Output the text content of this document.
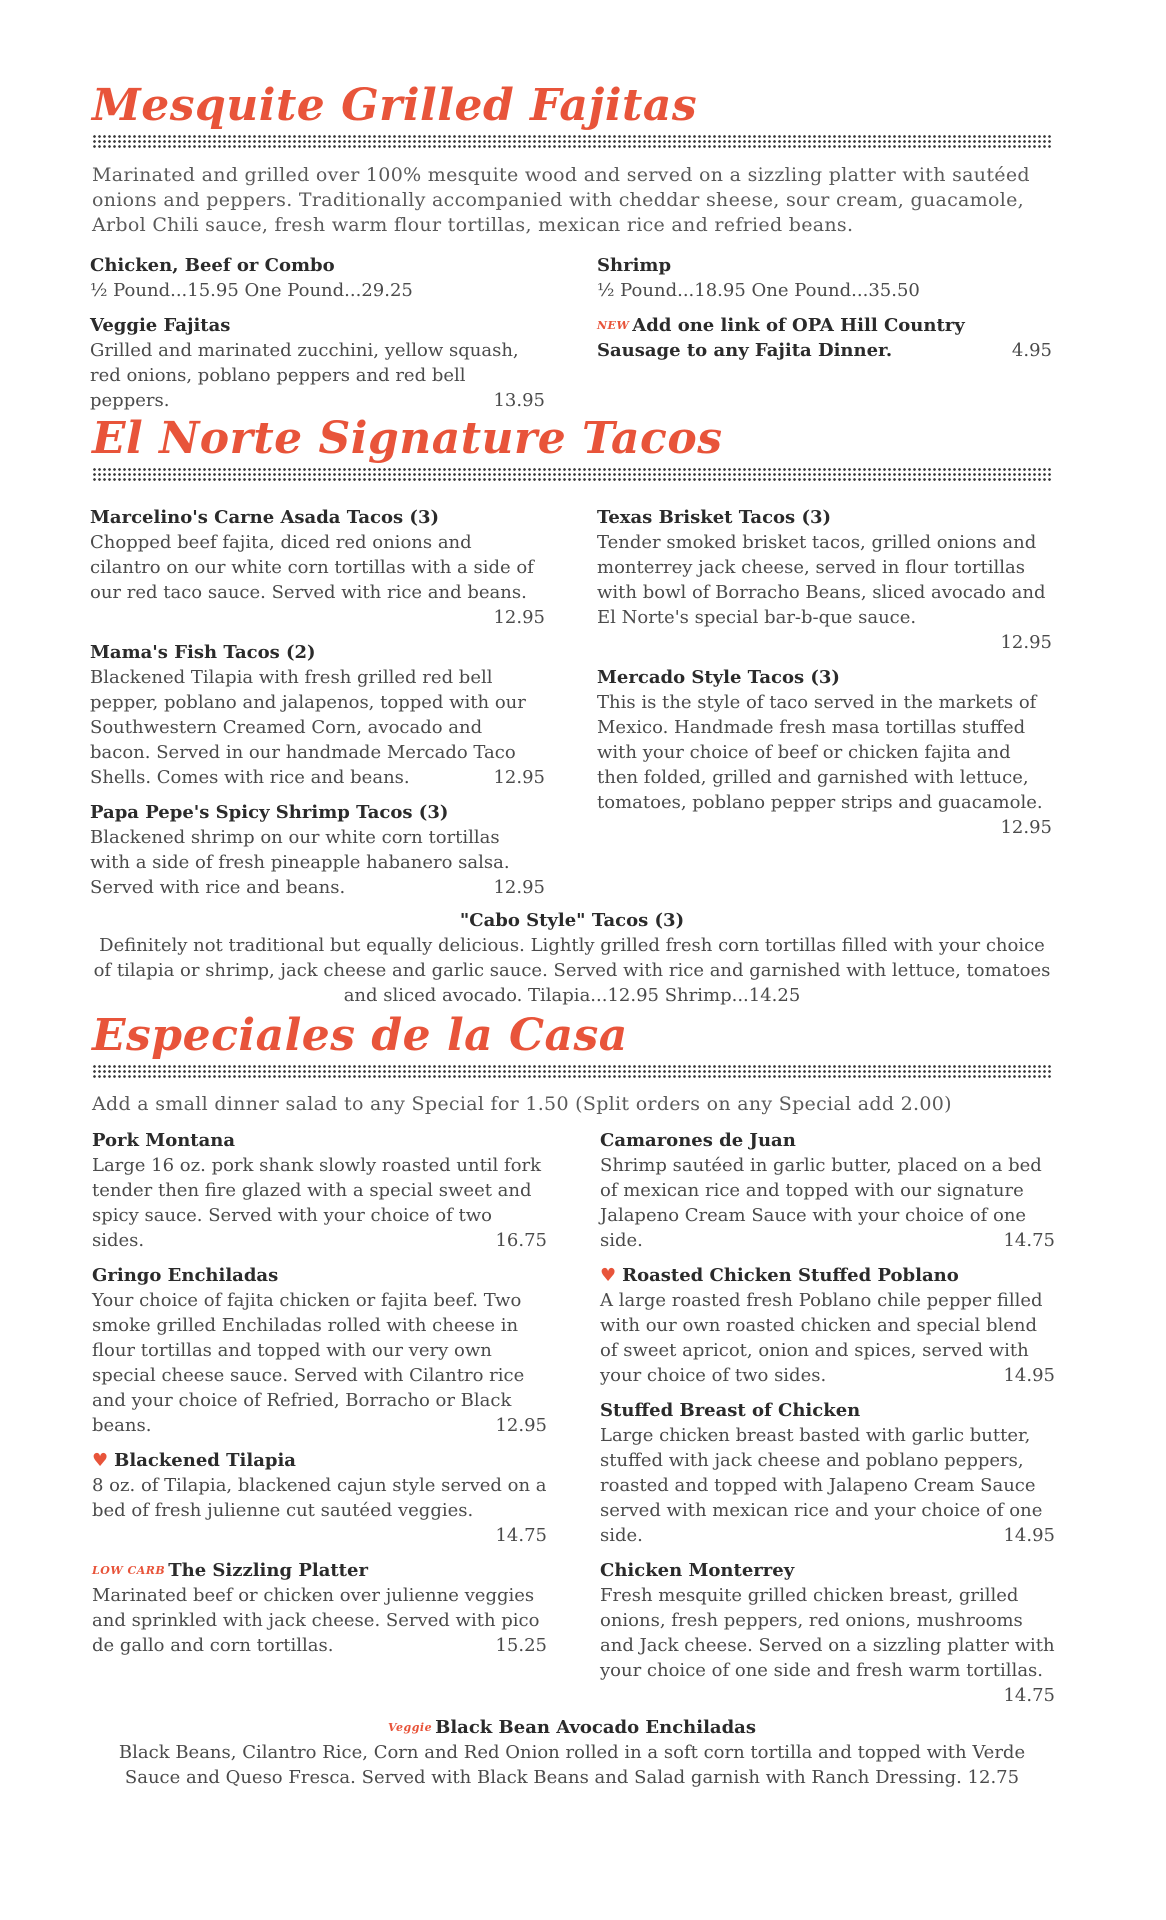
Mesquite Grilled Fajitas
Marinated and grilled over 100% mesquite wood and served on a sizzling platter with sautéed onions and peppers. Traditionally accompanied with cheddar sheese, sour cream, guacamole, Arbol Chili sauce, fresh warm flour tortillas, mexican rice and refried beans.
Chicken, Beef or Combo
½ Pound...15.95 One Pound...29.25
Shrimp
½ Pound...18.95 One Pound...35.50
Veggie Fajitas
Grilled and marinated zucchini, yellow squash, red onions, poblano peppers and red bell peppers.	13.95
$^{NEW}$ Add one link of OPA Hill Country Sausage to any Fajita Dinner.	4.95
El Norte Signature Tacos
Marcelino's Carne Asada Tacos (3)
Chopped beef fajita, diced red onions and cilantro on our white corn tortillas with a side of our red taco sauce. Served with rice and beans.
12.95
Texas Brisket Tacos (3)
Tender smoked brisket tacos, grilled onions and monterrey jack cheese, served in flour tortillas with bowl of Borracho Beans, sliced avocado and El Norte's special bar-b-que sauce.
12.95
Mama's Fish Tacos (2)
Blackened Tilapia with fresh grilled red bell pepper, poblano and jalapenos, topped with our Southwestern Creamed Corn, avocado and bacon. Served in our handmade Mercado Taco Shells. Comes with rice and beans.	12.95
Mercado Style Tacos (3)
This is the style of taco served in the markets of Mexico. Handmade fresh masa tortillas stuffed with your choice of beef or chicken fajita and then folded, grilled and garnished with lettuce, tomatoes, poblano pepper strips and guacamole.
12.95
Papa Pepe's Spicy Shrimp Tacos (3)
Blackened shrimp on our white corn tortillas with a side of fresh pineapple habanero salsa. Served with rice and beans.	12.95
"Cabo Style" Tacos (3)
Definitely not traditional but equally delicious. Lightly grilled fresh corn tortillas filled with your choice of tilapia or shrimp, jack cheese and garlic sauce. Served with rice and garnished with lettuce, tomatoes and sliced avocado. Tilapia...12.95 Shrimp...14.25
Especiales de la Casa
Add a small dinner salad to any Special for 1.50 (Split orders on any Special add 2.00)
Pork Montana
Large 16 oz. pork shank slowly roasted until fork tender then fire glazed with a special sweet and spicy sauce. Served with your choice of two sides.	16.75
Camarones de Juan
Shrimp sautéed in garlic butter, placed on a bed of mexican rice and topped with our signature Jalapeno Cream Sauce with your choice of one side.	14.75
Gringo Enchiladas
Your choice of fajita chicken or fajita beef. Two smoke grilled Enchiladas rolled with cheese in flour tortillas and topped with our very own special cheese sauce. Served with Cilantro rice and your choice of Refried, Borracho or Black beans.	12.95
♥ Roasted Chicken Stuffed Poblano
A large roasted fresh Poblano chile pepper filled with our own roasted chicken and special blend of sweet apricot, onion and spices, served with your choice of two sides.	14.95
Stuffed Breast of Chicken
Large chicken breast basted with garlic butter, stuffed with jack cheese and poblano peppers, roasted and topped with Jalapeno Cream Sauce served with mexican rice and your choice of one side.	14.95
♥ Blackened Tilapia
8 oz. of Tilapia, blackened cajun style served on a bed of fresh julienne cut sautéed veggies.
14.75
$^{LOW CARB}$ The Sizzling Platter
Marinated beef or chicken over julienne veggies and sprinkled with jack cheese. Served with pico de gallo and corn tortillas.	15.25
Chicken Monterrey
Fresh mesquite grilled chicken breast, grilled onions, fresh peppers, red onions, mushrooms and Jack cheese. Served on a sizzling platter with your choice of one side and fresh warm tortillas.
14.75
$^{Veggie}$ Black Bean Avocado Enchiladas
Black Beans, Cilantro Rice, Corn and Red Onion rolled in a soft corn tortilla and topped with Verde Sauce and Queso Fresca. Served with Black Beans and Salad garnish with Ranch Dressing. 12.75
